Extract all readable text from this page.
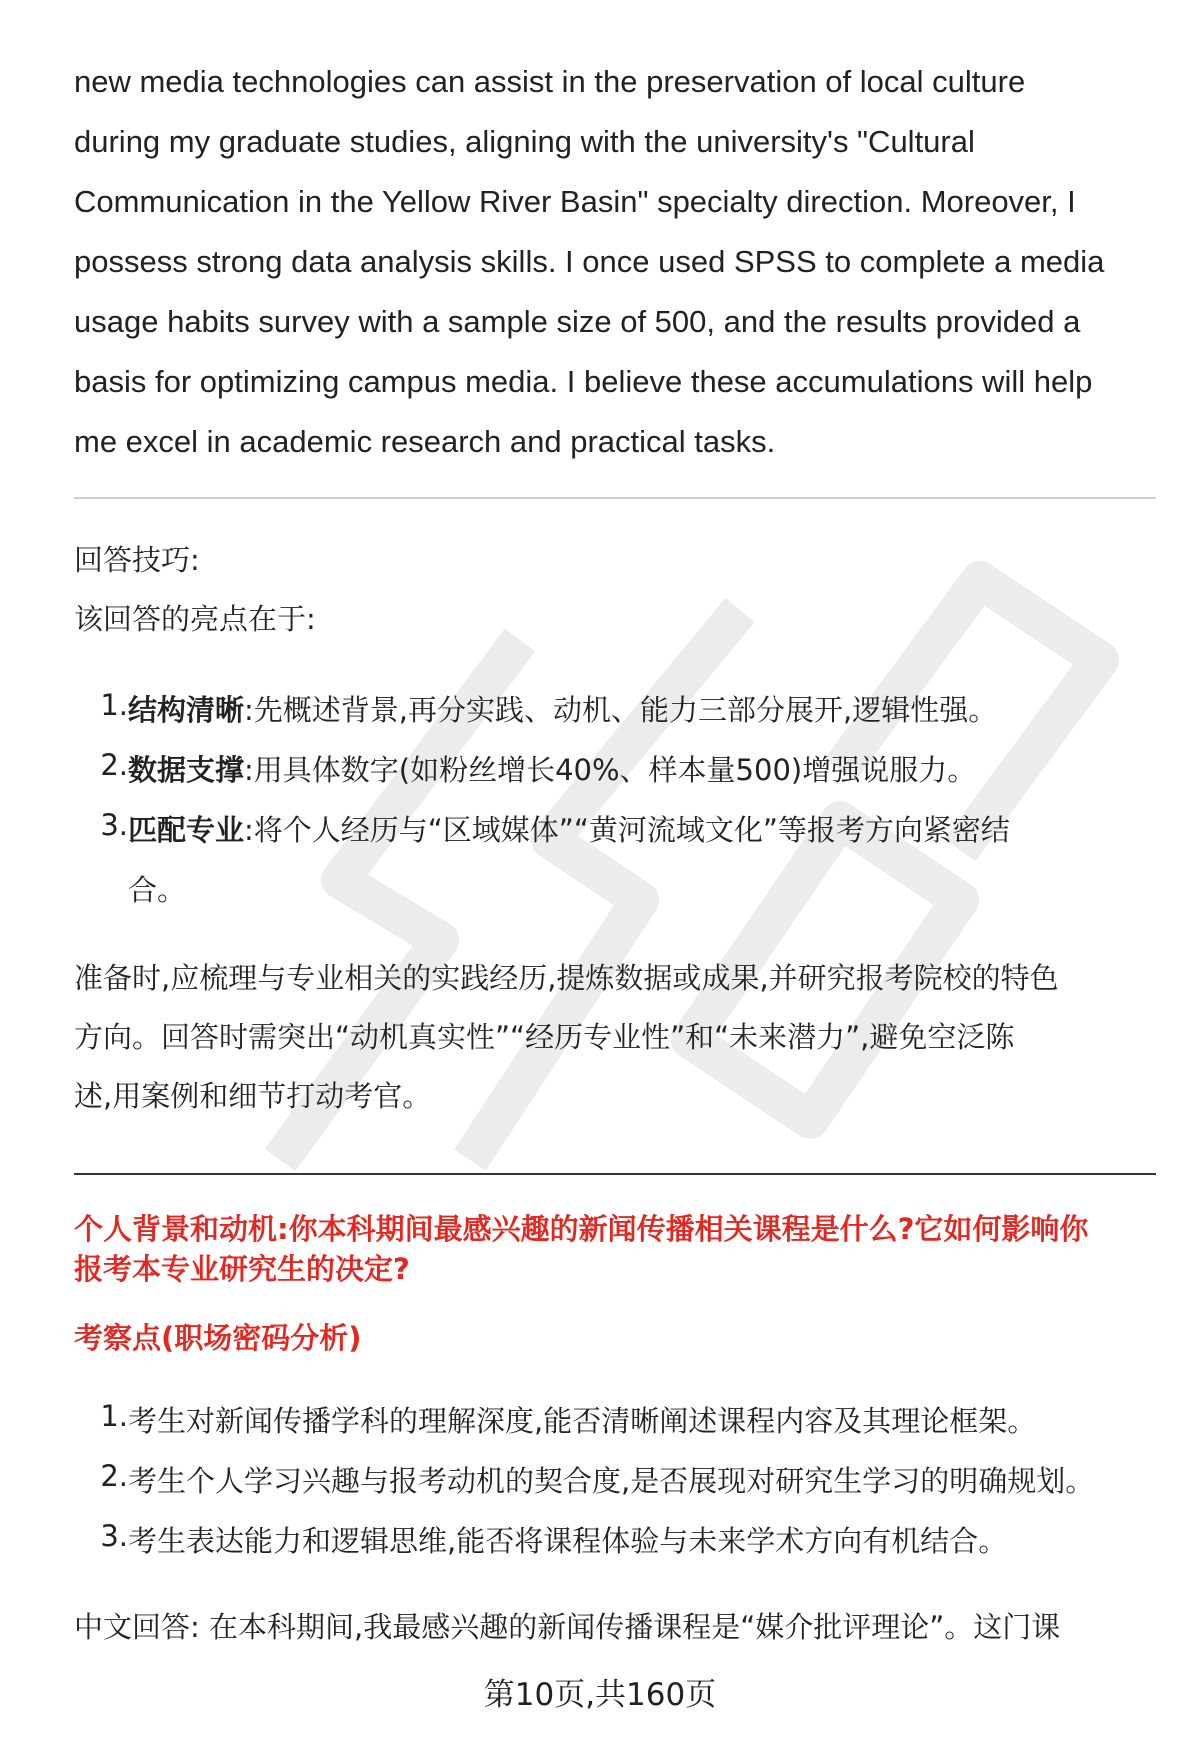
new media technologies can assist in the preservation of local culture

during my graduate studies, aligning with the university's "Cultural

Communication in the Yellow River Basin" specialty direction. Moreover, I

possess strong data analysis skills. I once used SPSS to complete a media

usage habits survey with a sample size of 500, and the results provided a

basis for optimizing campus media. I believe these accumulations will help

me excel in academic research and practical tasks.

回答技巧:
该回答的亮点在于:
1. 结构清晰:先概述背景,再分实践、动机、能力三部分展开,逻辑性强。
2. 数据支撑:用具体数字(如粉丝增长40%、样本量500)增强说服力。
3. 匹配专业:将个人经历与“区域媒体”“黄河流域文化”等报考方向紧密结
合。
准备时,应梳理与专业相关的实践经历,提炼数据或成果,并研究报考院校的特色
方向。回答时需突出“动机真实性”“经历专业性”和“未来潜力”,避免空泛陈
述,用案例和细节打动考官。
个人背景和动机:你本科期间最感兴趣的新闻传播相关课程是什么?它如何影响你
报考本专业研究生的决定?
考察点(职场密码分析)
1. 考生对新闻传播学科的理解深度,能否清晰阐述课程内容及其理论框架。
2. 考生个人学习兴趣与报考动机的契合度,是否展现对研究生学习的明确规划。
3. 考生表达能力和逻辑思维,能否将课程体验与未来学术方向有机结合。
中文回答: 在本科期间,我最感兴趣的新闻传播课程是“媒介批评理论”。这门课
第10页,共160页
